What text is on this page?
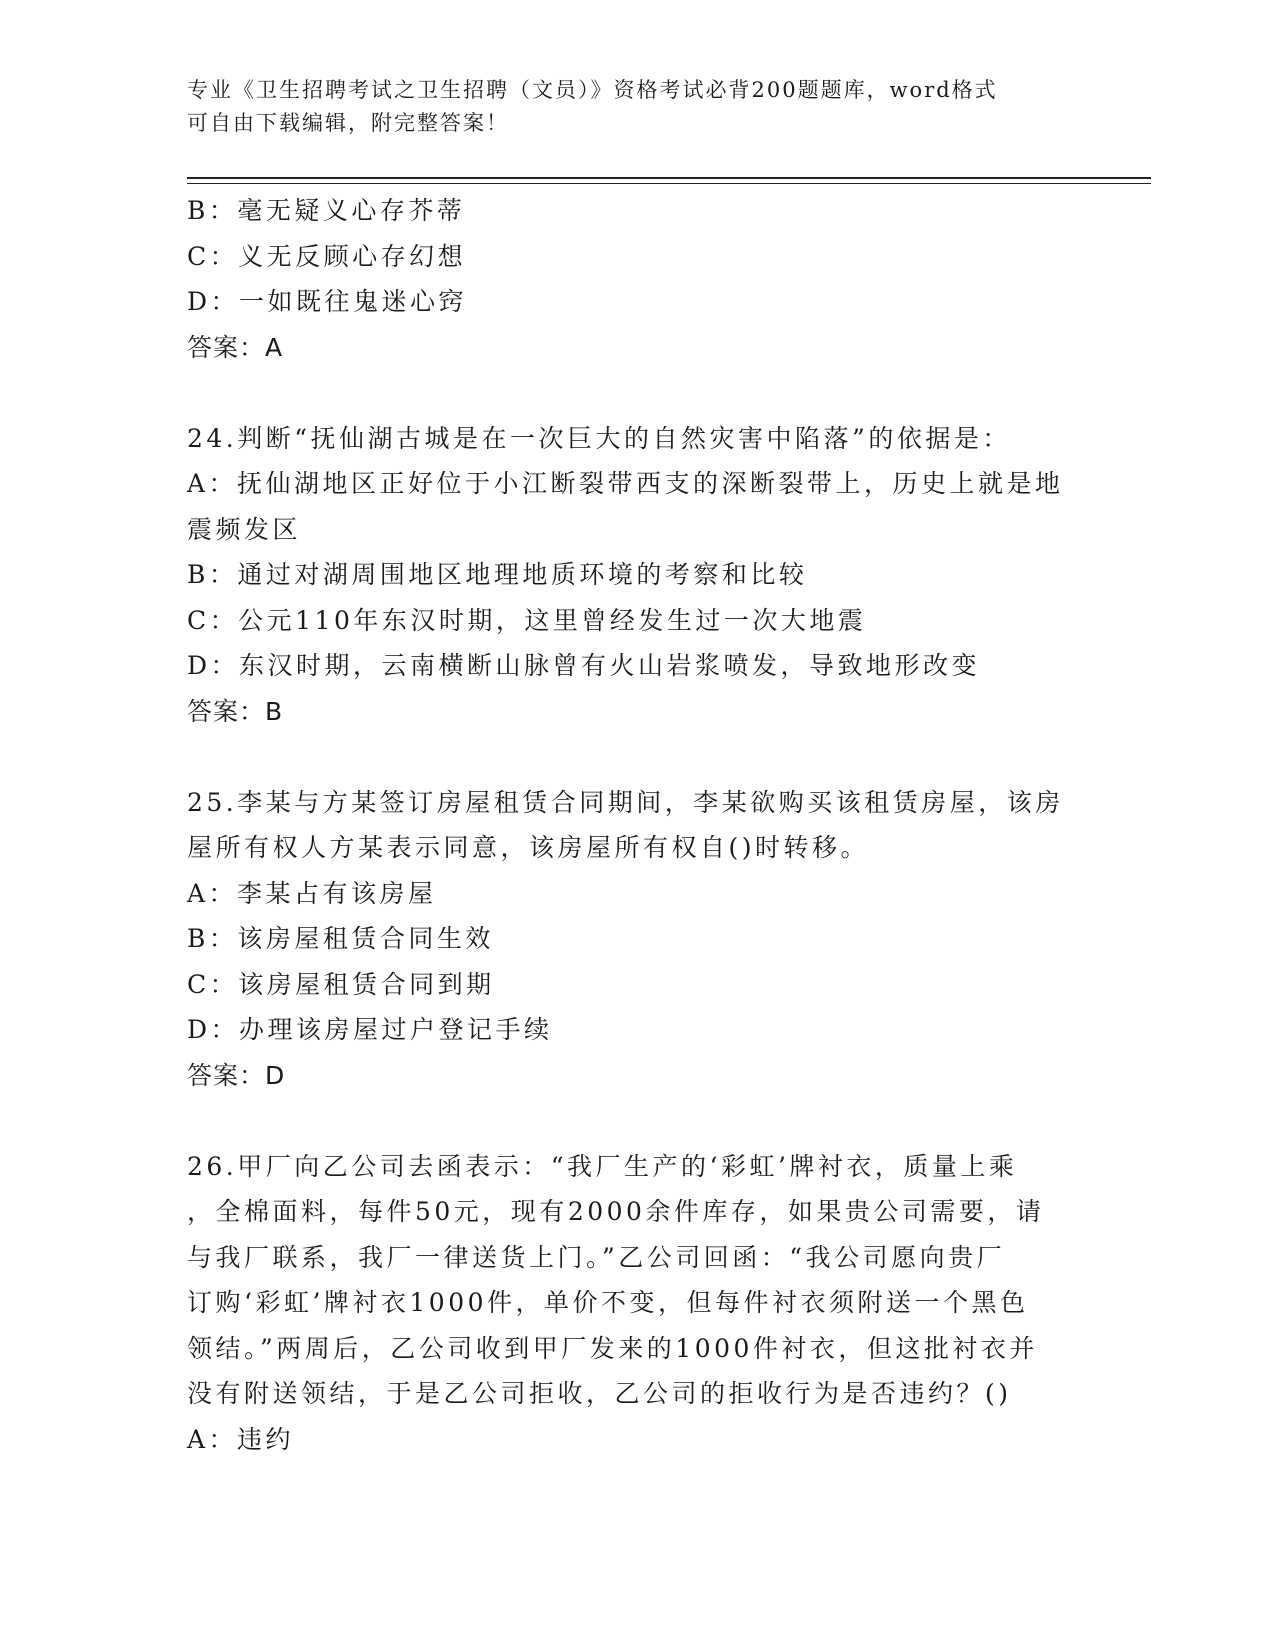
专业《卫生招聘考试之卫生招聘（文员）》资格考试必背200题题库，word格式
可自由下载编辑，附完整答案！
B：毫无疑义心存芥蒂
C：义无反顾心存幻想
D：一如既往鬼迷心窍
答案：A
24.判断“抚仙湖古城是在一次巨大的自然灾害中陷落”的依据是：
A：抚仙湖地区正好位于小江断裂带西支的深断裂带上，历史上就是地
震频发区
B：通过对湖周围地区地理地质环境的考察和比较
C：公元110年东汉时期，这里曾经发生过一次大地震
D：东汉时期，云南横断山脉曾有火山岩浆喷发，导致地形改变
答案：B
25.李某与方某签订房屋租赁合同期间，李某欲购买该租赁房屋，该房
屋所有权人方某表示同意，该房屋所有权自()时转移。
A：李某占有该房屋
B：该房屋租赁合同生效
C：该房屋租赁合同到期
D：办理该房屋过户登记手续
答案：D
26.甲厂向乙公司去函表示：“我厂生产的‘彩虹’牌衬衣，质量上乘
，全棉面料，每件50元，现有2000余件库存，如果贵公司需要，请
与我厂联系，我厂一律送货上门。”乙公司回函：“我公司愿向贵厂
订购‘彩虹’牌衬衣1000件，单价不变，但每件衬衣须附送一个黑色
领结。”两周后，乙公司收到甲厂发来的1000件衬衣，但这批衬衣并
没有附送领结，于是乙公司拒收，乙公司的拒收行为是否违约？()
A：违约
